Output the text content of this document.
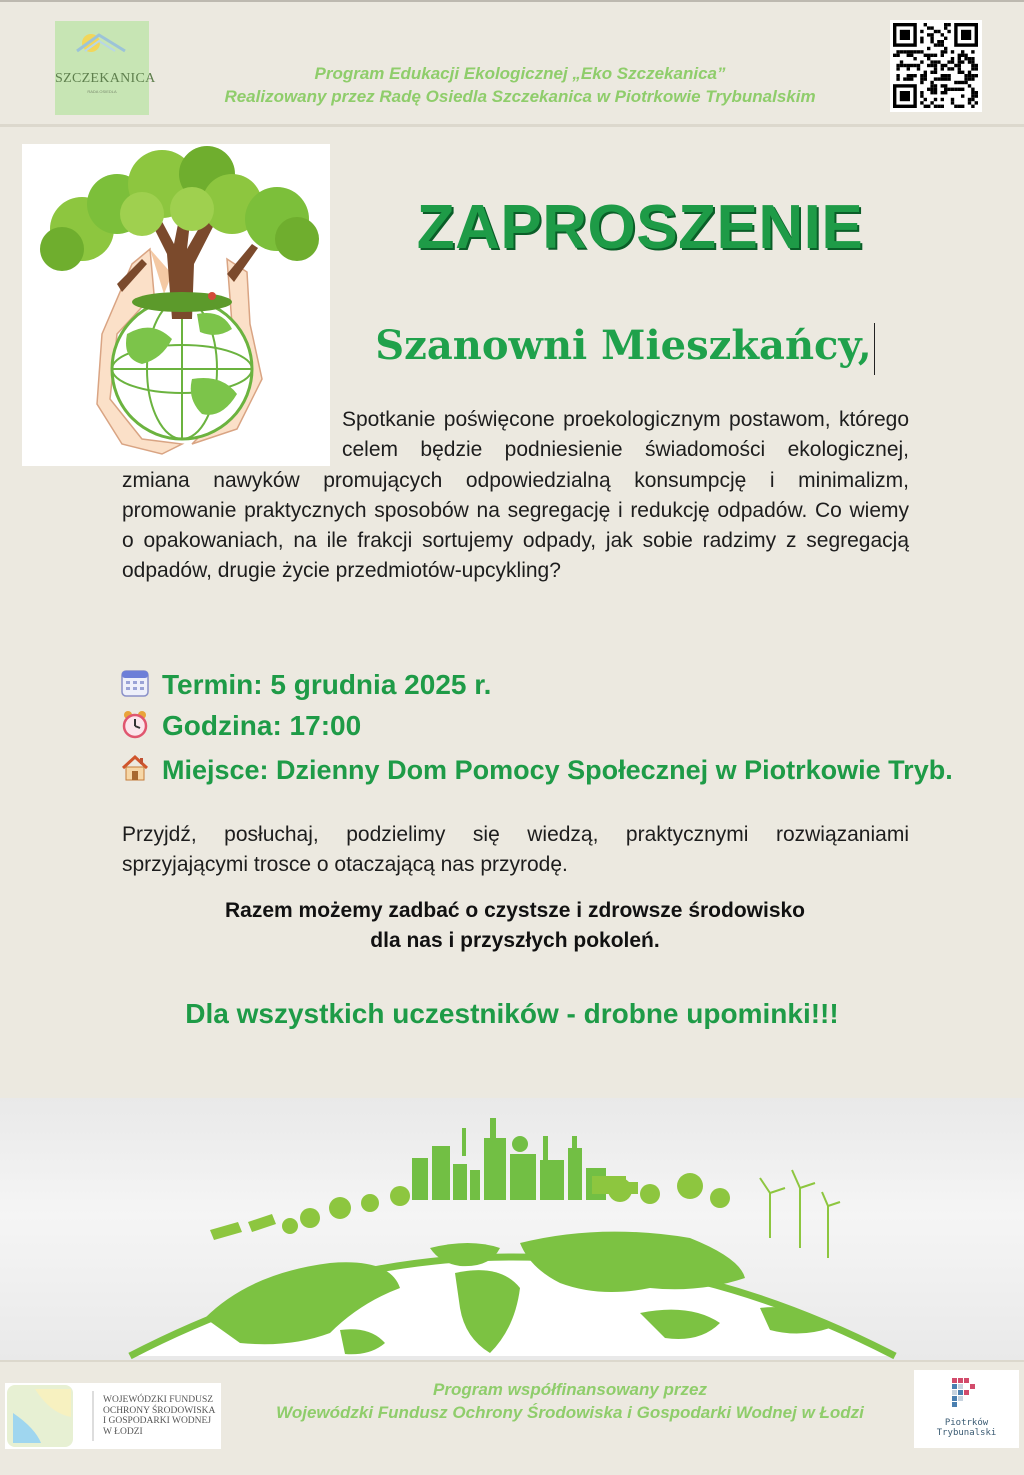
SZCZEKANICA
RADA OSIEDLA
Program Edukacji Ekologicznej „Eko Szczekanica”
Realizowany przez Radę Osiedla Szczekanica w Piotrkowie Trybunalskim
ZAPROSZENIE
Szanowni Mieszkańcy,
Spotkanie poświęcone proekologicznym postawom, którego celem będzie podniesienie świadomości ekologicznej, zmiana nawyków promujących odpowiedzialną konsumpcję i minimalizm, promowanie praktycznych sposobów na segregację i redukcję odpadów. Co wiemy o opakowaniach, na ile frakcji sortujemy odpady, jak sobie radzimy z segregacją odpadów, drugie życie przedmiotów-upcykling?
Termin: 5 grudnia 2025 r.
Godzina: 17:00
Miejsce: Dzienny Dom Pomocy Społecznej w Piotrkowie Tryb.
Przyjdź, posłuchaj, podzielimy się wiedzą, praktycznymi rozwiązaniami sprzyjającymi trosce o otaczającą nas przyrodę.
Razem możemy zadbać o czystsze i zdrowsze środowisko
dla nas i przyszłych pokoleń.
Dla wszystkich uczestników - drobne upominki!!!
WOJEWÓDZKI FUNDUSZ
OCHRONY ŚRODOWISKA
I GOSPODARKI WODNEJ
W ŁODZI
Program współfinansowany przez
Wojewódzki Fundusz Ochrony Środowiska i Gospodarki Wodnej w Łodzi
Piotrków
Trybunalski
